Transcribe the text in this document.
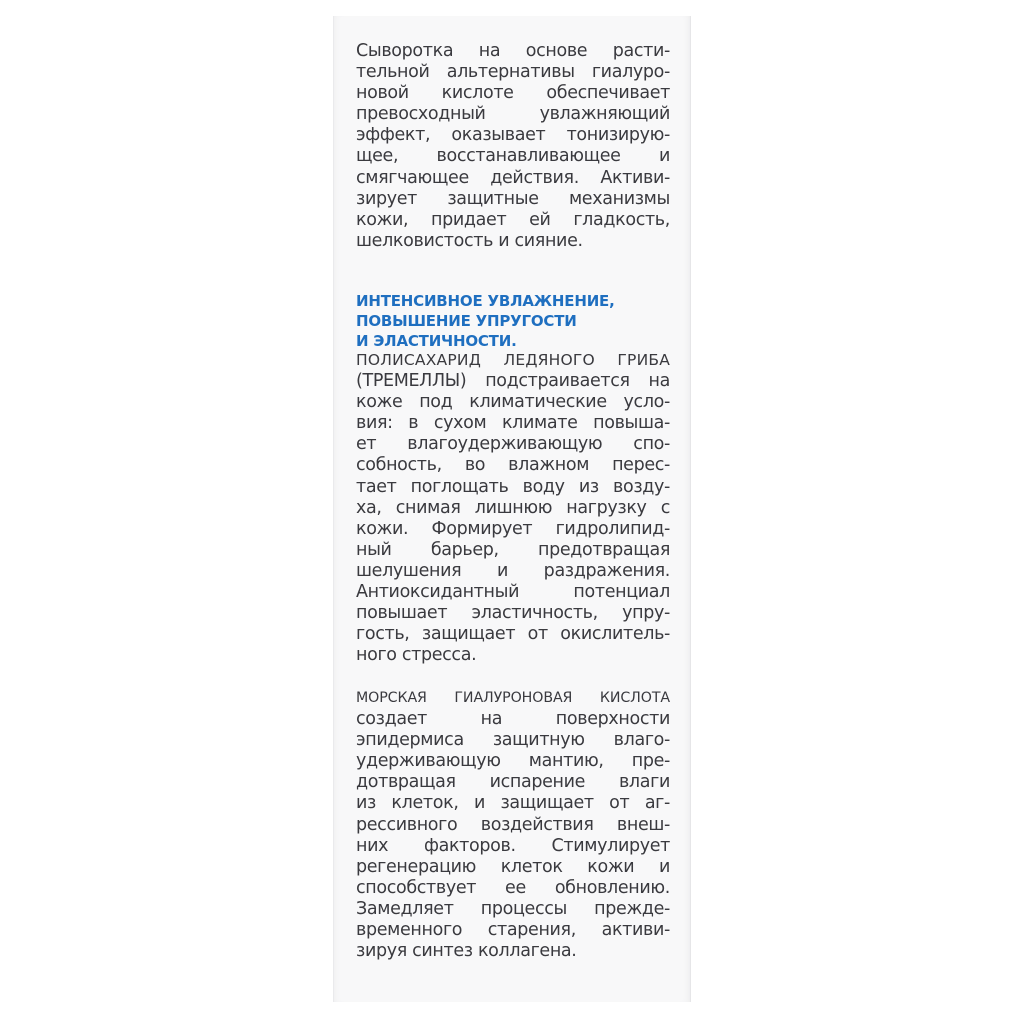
Сыворотка на основе расти-
тельной альтернативы гиалуро-
новой кислоте обеспечивает
превосходный увлажняющий
эффект, оказывает тонизирую-
щее, восстанавливающее и
смягчающее действия. Активи-
зирует защитные механизмы
кожи, придает ей гладкость,
шелковистость и сияние.
ИНТЕНСИВНОЕ УВЛАЖНЕНИЕ,
ПОВЫШЕНИЕ УПРУГОСТИ
И ЭЛАСТИЧНОСТИ.
ПОЛИСАХАРИД ЛЕДЯНОГО ГРИБА
(ТРЕМЕЛЛЫ) подстраивается на
коже под климатические усло-
вия: в сухом климате повыша-
ет влагоудерживающую спо-
собность, во влажном перес-
тает поглощать воду из возду-
ха, снимая лишнюю нагрузку с
кожи. Формирует гидролипид-
ный барьер, предотвращая
шелушения и раздражения.
Антиоксидантный потенциал
повышает эластичность, упру-
гость, защищает от окислитель-
ного стресса.
МОРСКАЯ ГИАЛУРОНОВАЯ КИСЛОТА
создает на поверхности
эпидермиса защитную влаго-
удерживающую мантию, пре-
дотвращая испарение влаги
из клеток, и защищает от аг-
рессивного воздействия внеш-
них факторов. Стимулирует
регенерацию клеток кожи и
способствует ее обновлению.
Замедляет процессы прежде-
временного старения, активи-
зируя синтез коллагена.
